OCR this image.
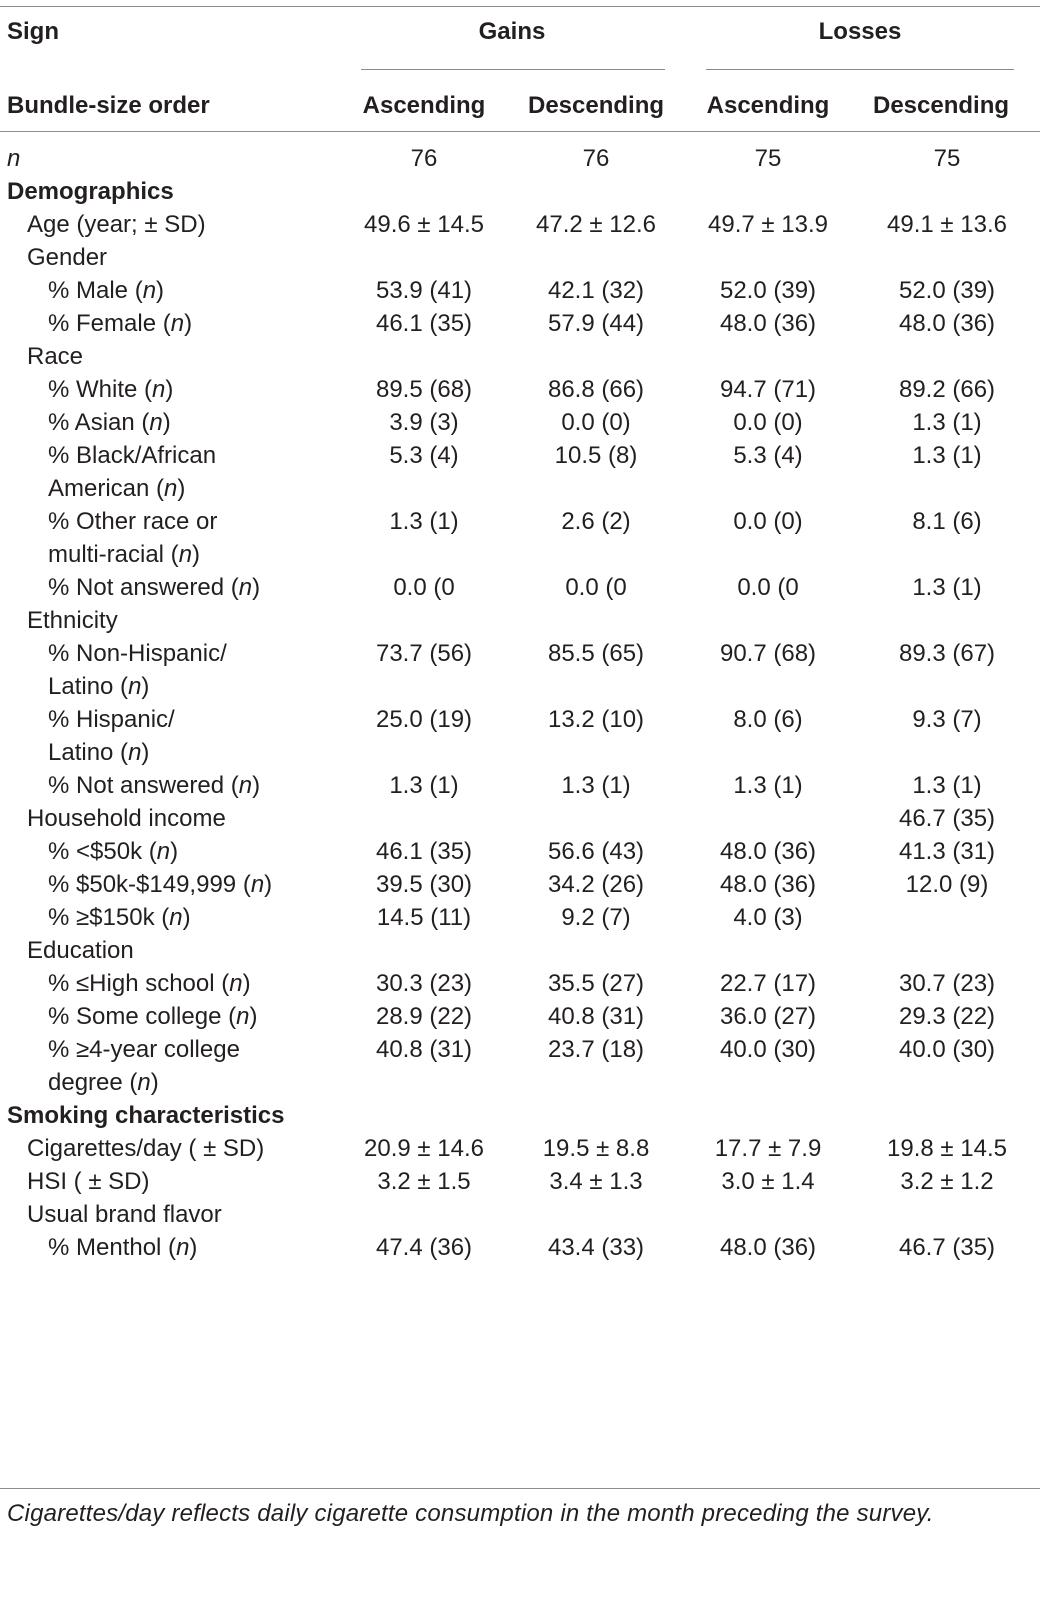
Sign	Gains	Losses
Bundle-size order	Ascending	Descending	Ascending	Descending
n	76	76	75	75
Demographics				
Age (year; ± SD)	49.6 ± 14.5	47.2 ± 12.6	49.7 ± 13.9	49.1 ± 13.6
Gender				
% Male (n)	53.9 (41)	42.1 (32)	52.0 (39)	52.0 (39)
% Female (n)	46.1 (35)	57.9 (44)	48.0 (36)	48.0 (36)
Race				
% White (n)	89.5 (68)	86.8 (66)	94.7 (71)	89.2 (66)
% Asian (n)	3.9 (3)	0.0 (0)	0.0 (0)	1.3 (1)
% Black/African
American (n)	5.3 (4)	10.5 (8)	5.3 (4)	1.3 (1)
% Other race or
multi-racial (n)	1.3 (1)	2.6 (2)	0.0 (0)	8.1 (6)
% Not answered (n)	0.0 (0	0.0 (0	0.0 (0	1.3 (1)
Ethnicity				
% Non-Hispanic/
Latino (n)	73.7 (56)	85.5 (65)	90.7 (68)	89.3 (67)
% Hispanic/
Latino (n)	25.0 (19)	13.2 (10)	8.0 (6)	9.3 (7)
% Not answered (n)	1.3 (1)	1.3 (1)	1.3 (1)	1.3 (1)
Household income				46.7 (35)
% <$50k (n)	46.1 (35)	56.6 (43)	48.0 (36)	41.3 (31)
% $50k-$149,999 (n)	39.5 (30)	34.2 (26)	48.0 (36)	12.0 (9)
% ≥$150k (n)	14.5 (11)	9.2 (7)	4.0 (3)	
Education				
% ≤High school (n)	30.3 (23)	35.5 (27)	22.7 (17)	30.7 (23)
% Some college (n)	28.9 (22)	40.8 (31)	36.0 (27)	29.3 (22)
% ≥4-year college
degree (n)	40.8 (31)	23.7 (18)	40.0 (30)	40.0 (30)
Smoking characteristics				
Cigarettes/day ( ± SD)	20.9 ± 14.6	19.5 ± 8.8	17.7 ± 7.9	19.8 ± 14.5
HSI ( ± SD)	3.2 ± 1.5	3.4 ± 1.3	3.0 ± 1.4	3.2 ± 1.2
Usual brand flavor				
% Menthol (n)	47.4 (36)	43.4 (33)	48.0 (36)	46.7 (35)
Cigarettes/day reflects daily cigarette consumption in the month preceding the survey.
